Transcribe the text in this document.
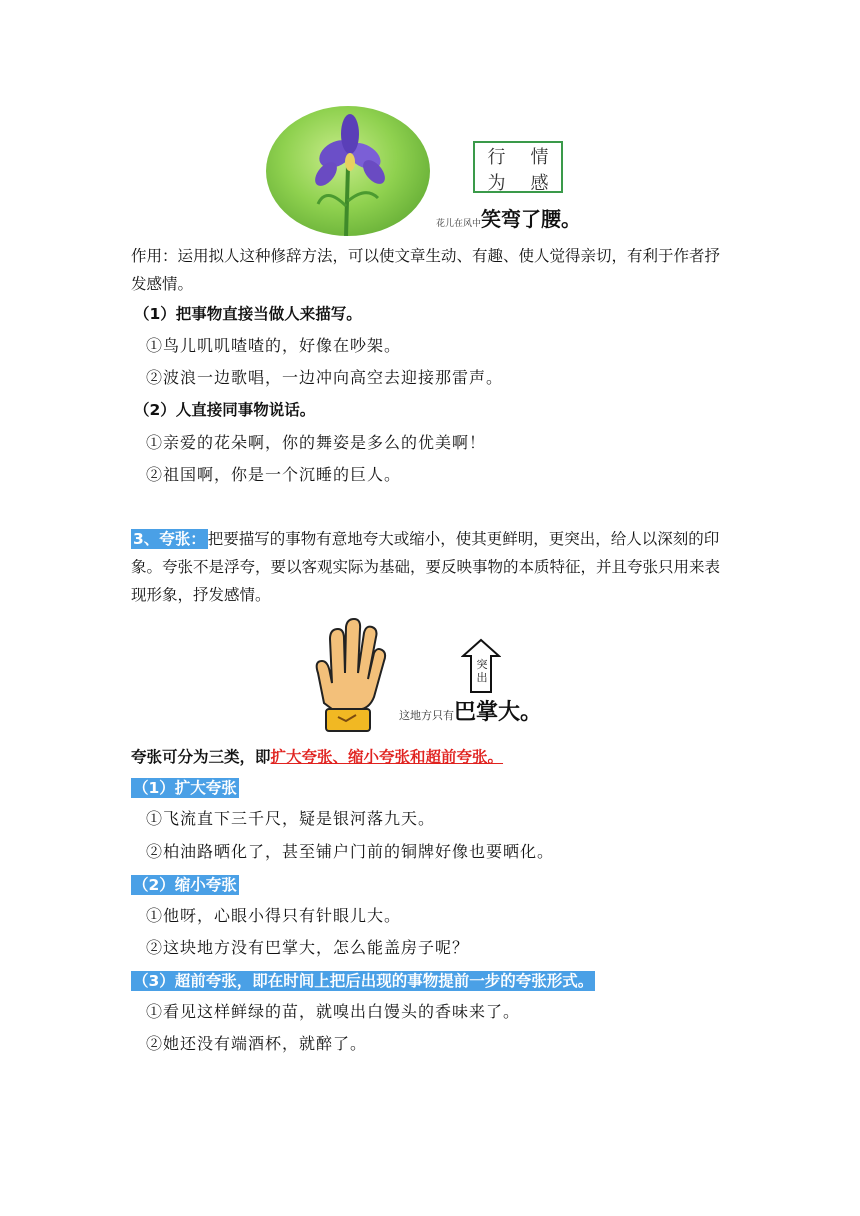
行	情
为	感
花儿在风中笑弯了腰。
作用：运用拟人这种修辞方法，可以使文章生动、有趣、使人觉得亲切，有利于作者抒发感情。
（1）把事物直接当做人来描写。
①鸟儿叽叽喳喳的，好像在吵架。
②波浪一边歌唱，一边冲向高空去迎接那雷声。
（2）人直接同事物说话。
①亲爱的花朵啊，你的舞姿是多么的优美啊！
②祖国啊，你是一个沉睡的巨人。
3、夸张： 把要描写的事物有意地夸大或缩小，使其更鲜明，更突出，给人以深刻的印象。夸张不是浮夸，要以客观实际为基础，要反映事物的本质特征，并且夸张只用来表现形象，抒发感情。
突出
这地方只有巴掌大。
夸张可分为三类，即扩大夸张、缩小夸张和超前夸张。
（1）扩大夸张
①飞流直下三千尺，疑是银河落九天。
②柏油路晒化了，甚至铺户门前的铜牌好像也要晒化。
（2）缩小夸张
①他呀，心眼小得只有针眼儿大。
②这块地方没有巴掌大，怎么能盖房子呢？
（3）超前夸张，即在时间上把后出现的事物提前一步的夸张形式。
①看见这样鲜绿的苗，就嗅出白馒头的香味来了。
②她还没有端酒杯，就醉了。
